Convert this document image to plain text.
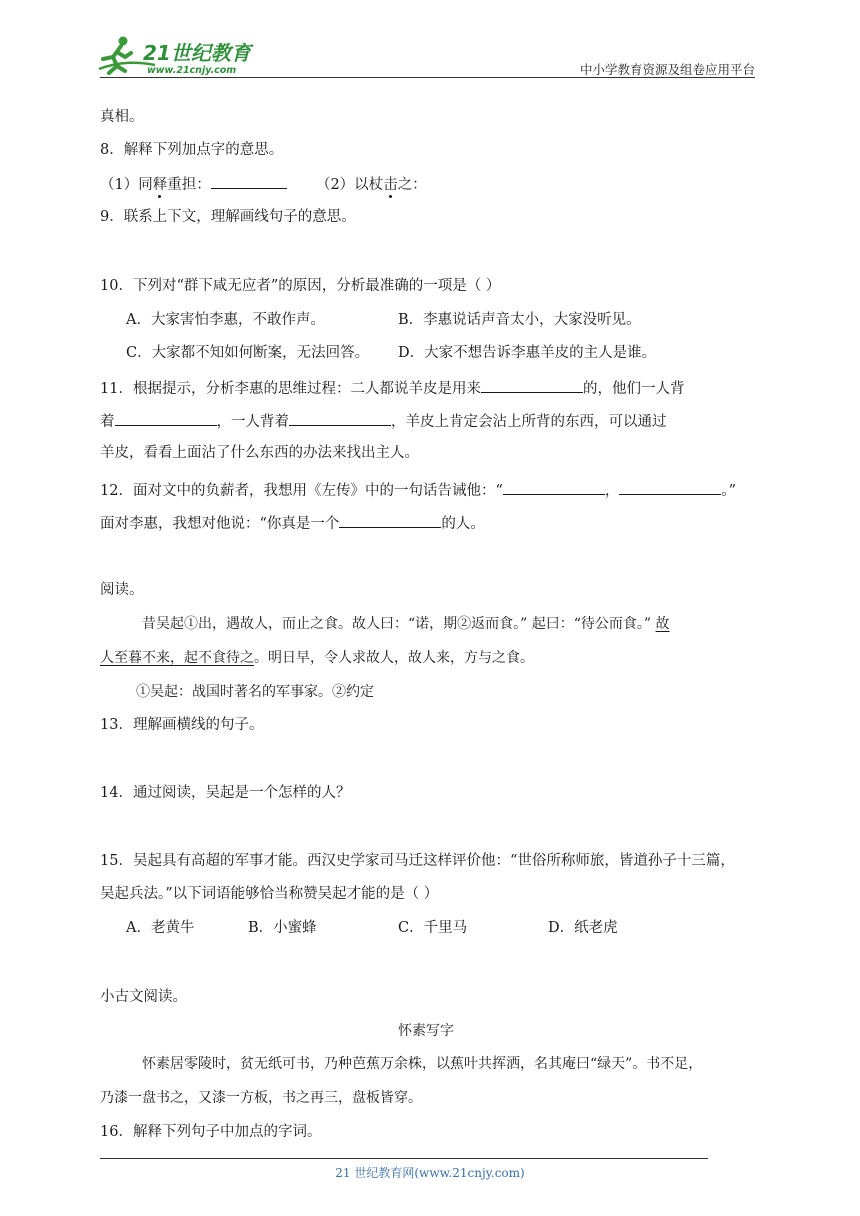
21世纪教育
www.21cnjy.com	中小学教育资源及组卷应用平台
真相。
8．解释下列加点字的意思。
（1）同释重担：	（2）以杖击之：
9．联系上下文，理解画线句子的意思。
10．下列对“群下咸无应者”的原因，分析最准确的一项是（ ）
A．大家害怕李惠，不敢作声。	B．李惠说话声音太小，大家没听见。
C．大家都不知如何断案，无法回答。 D．大家不想告诉李惠羊皮的主人是谁。
11．根据提示，分析李惠的思维过程：二人都说羊皮是用来	的，他们一人背
着	，一人背着	，羊皮上肯定会沾上所背的东西，可以通过
羊皮，看看上面沾了什么东西的办法来找出主人。
12．面对文中的负薪者，我想用《左传》中的一句话告诫他：“	，	。”
面对李惠，我想对他说：“你真是一个	的人。
阅读。
昔吴起①出，遇故人，而止之食。故人曰：“诺，期②返而食。” 起曰：“待公而食。” 故
人至暮不来，起不食待之。明日早，令人求故人，故人来，方与之食。
①吴起：战国时著名的军事家。②约定
13．理解画横线的句子。
14．通过阅读，吴起是一个怎样的人？
15．吴起具有高超的军事才能。西汉史学家司马迁这样评价他：“世俗所称师旅，皆道孙子十三篇，
吴起兵法。”以下词语能够恰当称赞吴起才能的是（ ）
A．老黄牛	B．小蜜蜂	C．千里马	D．纸老虎
小古文阅读。
怀素写字
怀素居零陵时，贫无纸可书，乃种芭蕉万余株，以蕉叶共挥洒，名其庵曰“绿天”。书不足，
乃漆一盘书之，又漆一方板，书之再三，盘板皆穿。
16．解释下列句子中加点的字词。
21 世纪教育网(www.21cnjy.com)
